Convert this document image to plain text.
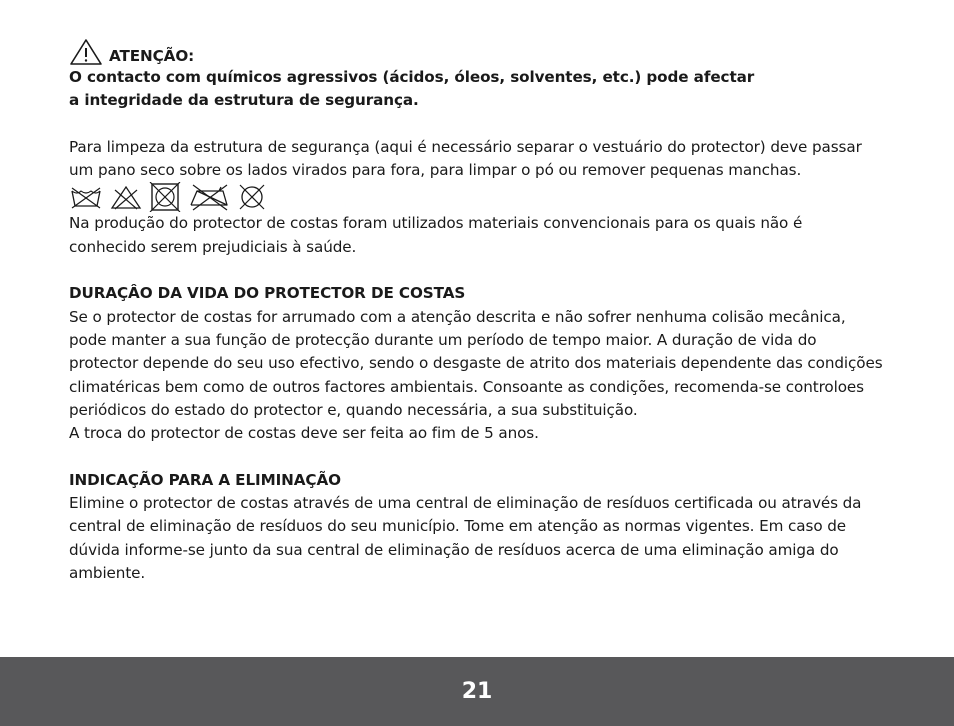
ATENÇÃO:
O contacto com químicos agressivos (ácidos, óleos, solventes, etc.) pode afectar
a integridade da estrutura de segurança.
Para limpeza da estrutura de segurança (aqui é necessário separar o vestuário do protector) deve passar
um pano seco sobre os lados virados para fora, para limpar o pó ou remover pequenas manchas.
Na produção do protector de costas foram utilizados materiais convencionais para os quais não é
conhecido serem prejudiciais à saúde.
DURAÇÂO DA VIDA DO PROTECTOR DE COSTAS
Se o protector de costas for arrumado com a atenção descrita e não sofrer nenhuma colisão mecânica,
pode manter a sua função de protecção durante um período de tempo maior. A duração de vida do
protector depende do seu uso efectivo, sendo o desgaste de atrito dos materiais dependente das condições
climatéricas bem como de outros factores ambientais. Consoante as condições, recomenda-se controloes
periódicos do estado do protector e, quando necessária, a sua substituição.
A troca do protector de costas deve ser feita ao fim de 5 anos.
INDICAÇÃO PARA A ELIMINAÇÃO
Elimine o protector de costas através de uma central de eliminação de resíduos certificada ou através da
central de eliminação de resíduos do seu município. Tome em atenção as normas vigentes. Em caso de
dúvida informe-se junto da sua central de eliminação de resíduos acerca de uma eliminação amiga do
ambiente.
21
